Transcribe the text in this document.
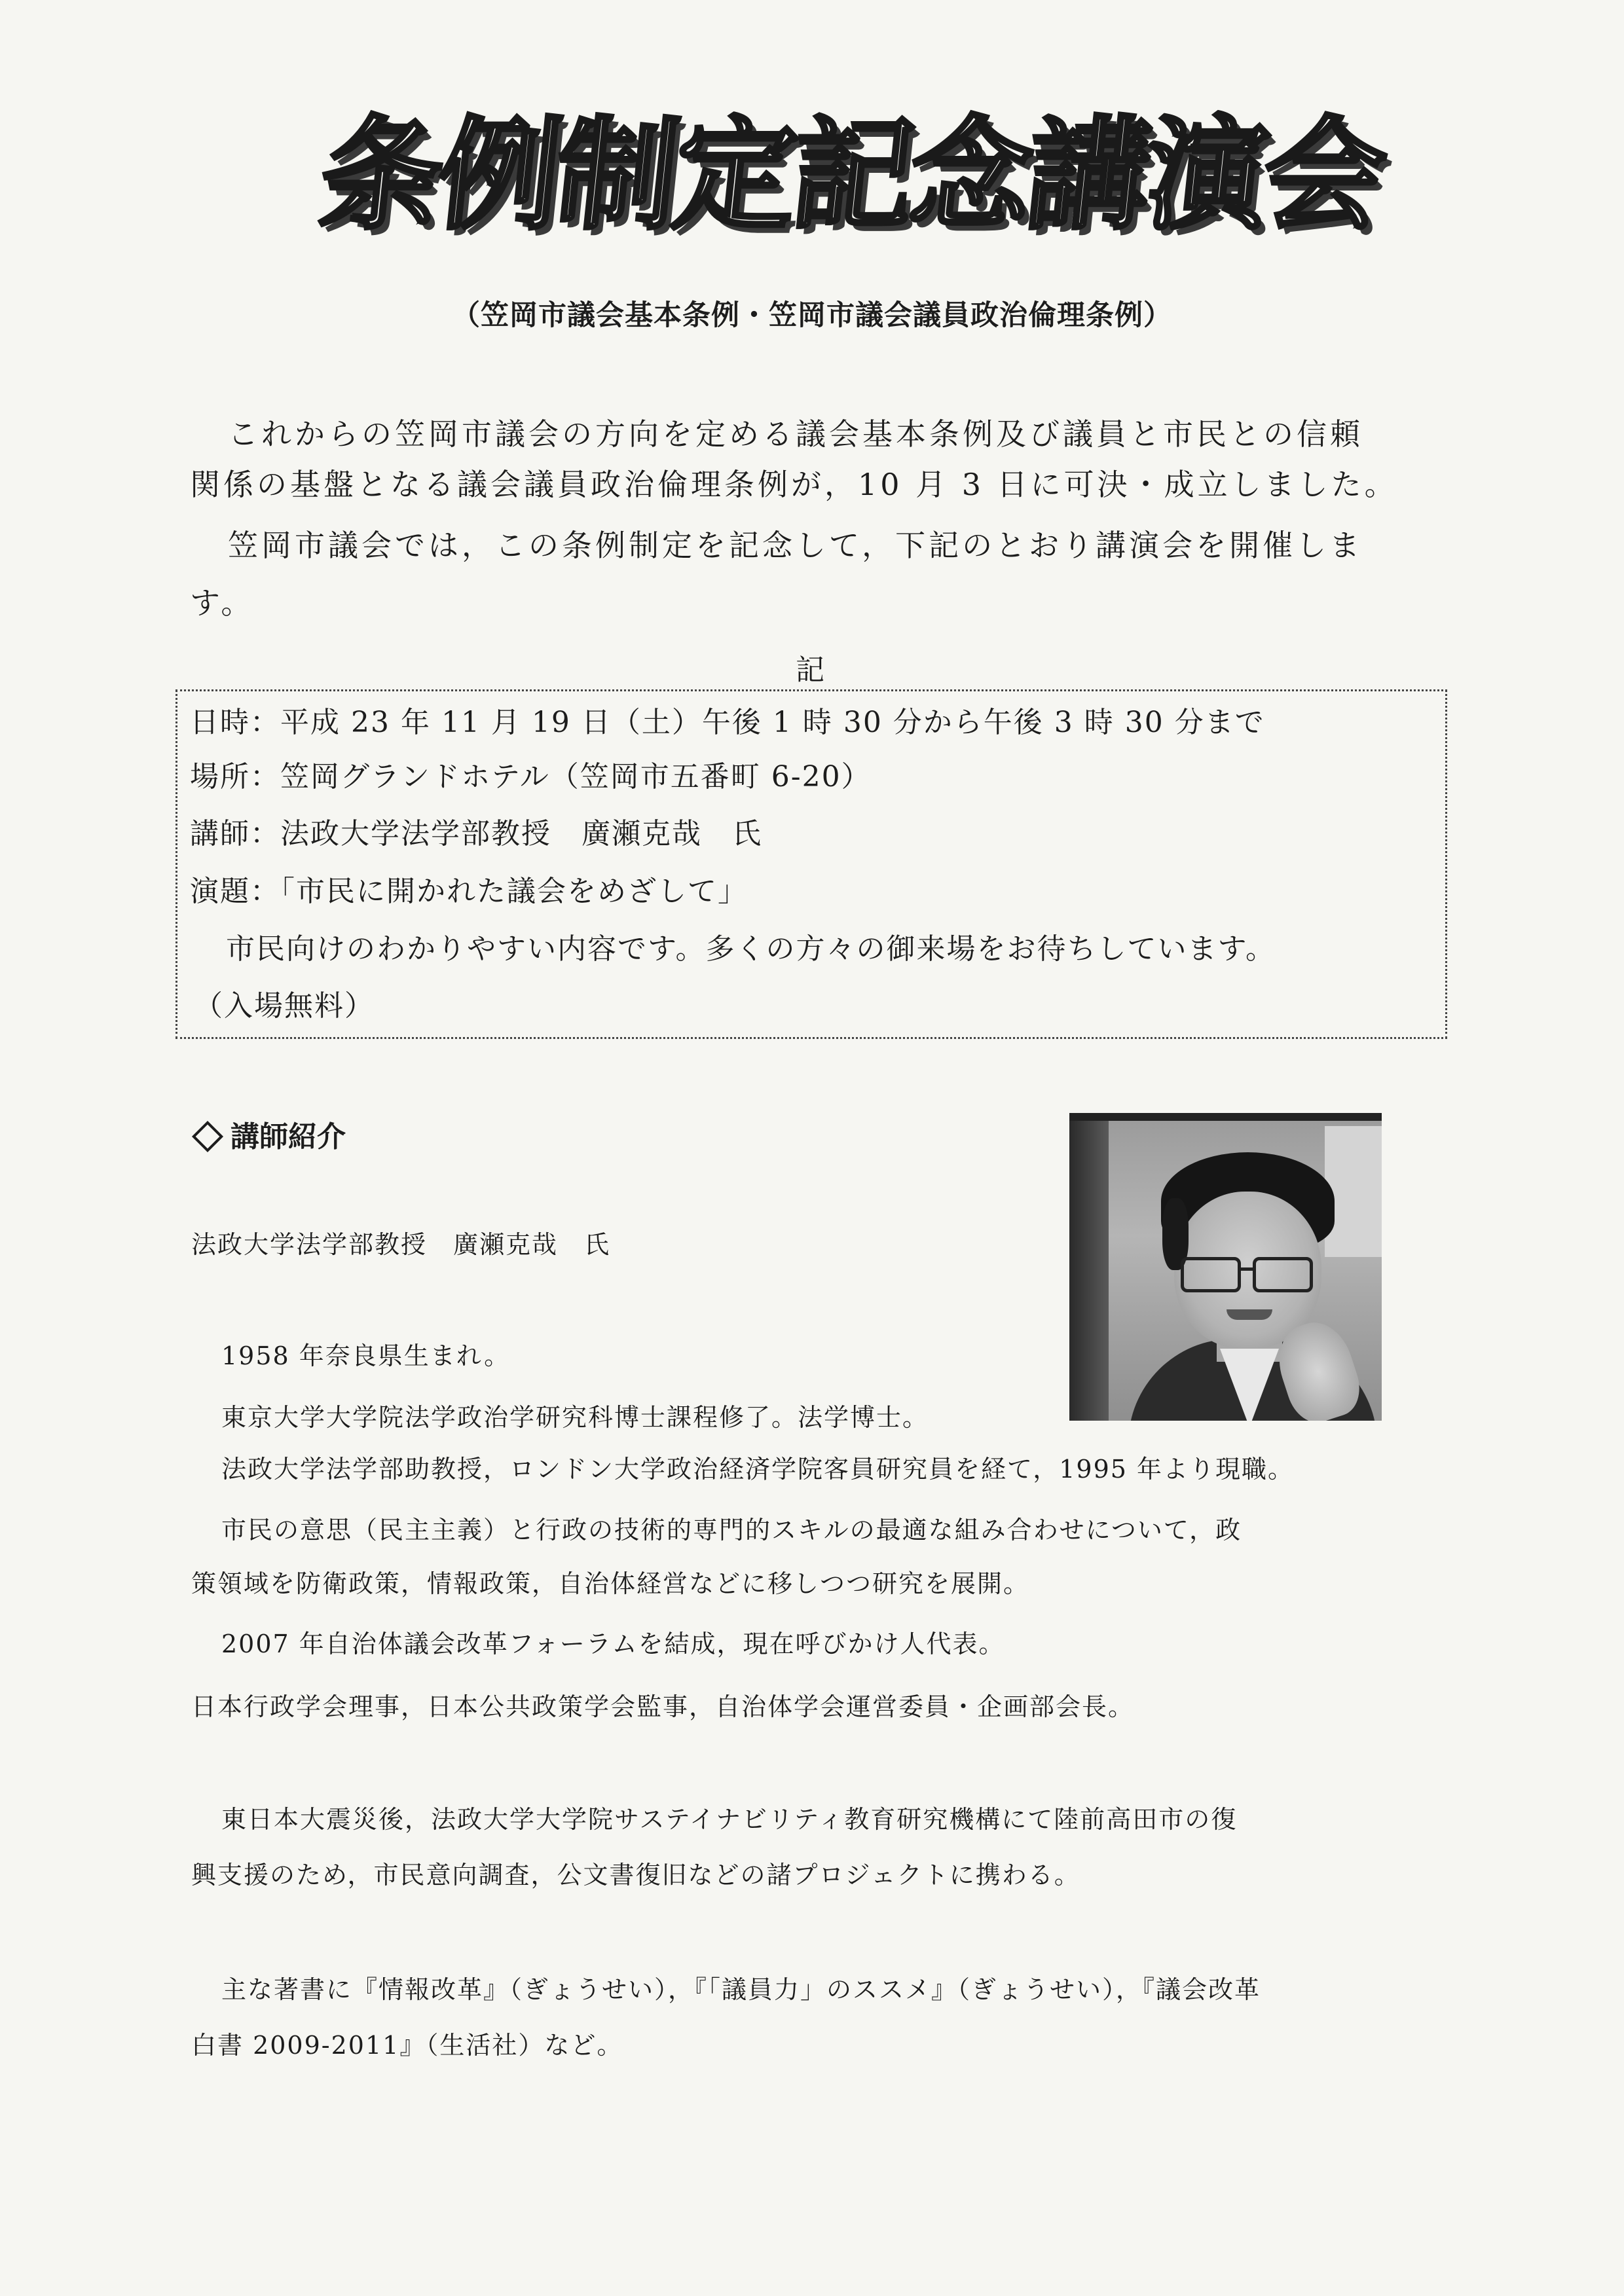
条例制定記念講演会
（笠岡市議会基本条例・笠岡市議会議員政治倫理条例）
これからの笠岡市議会の方向を定める議会基本条例及び議員と市民との信頼
関係の基盤となる議会議員政治倫理条例が，10 月 3 日に可決・成立しました。
笠岡市議会では，この条例制定を記念して，下記のとおり講演会を開催しま
す。
記
日時：平成 23 年 11 月 19 日（土）午後 1 時 30 分から午後 3 時 30 分まで
場所：笠岡グランドホテル（笠岡市五番町 6-20）
講師：法政大学法学部教授　廣瀬克哉　氏
演題：「市民に開かれた議会をめざして」
市民向けのわかりやすい内容です。多くの方々の御来場をお待ちしています。
（入場無料）
講師紹介
法政大学法学部教授　廣瀬克哉　氏
1958 年奈良県生まれ。
東京大学大学院法学政治学研究科博士課程修了。法学博士。
法政大学法学部助教授，ロンドン大学政治経済学院客員研究員を経て，1995 年より現職。
市民の意思（民主主義）と行政の技術的専門的スキルの最適な組み合わせについて，政
策領域を防衛政策，情報政策，自治体経営などに移しつつ研究を展開。
2007 年自治体議会改革フォーラムを結成，現在呼びかけ人代表。
日本行政学会理事，日本公共政策学会監事，自治体学会運営委員・企画部会長。
東日本大震災後，法政大学大学院サステイナビリティ教育研究機構にて陸前高田市の復
興支援のため，市民意向調査，公文書復旧などの諸プロジェクトに携わる。
主な著書に『情報改革』（ぎょうせい），『「議員力」のススメ』（ぎょうせい），『議会改革
白書 2009-2011』（生活社）など。
